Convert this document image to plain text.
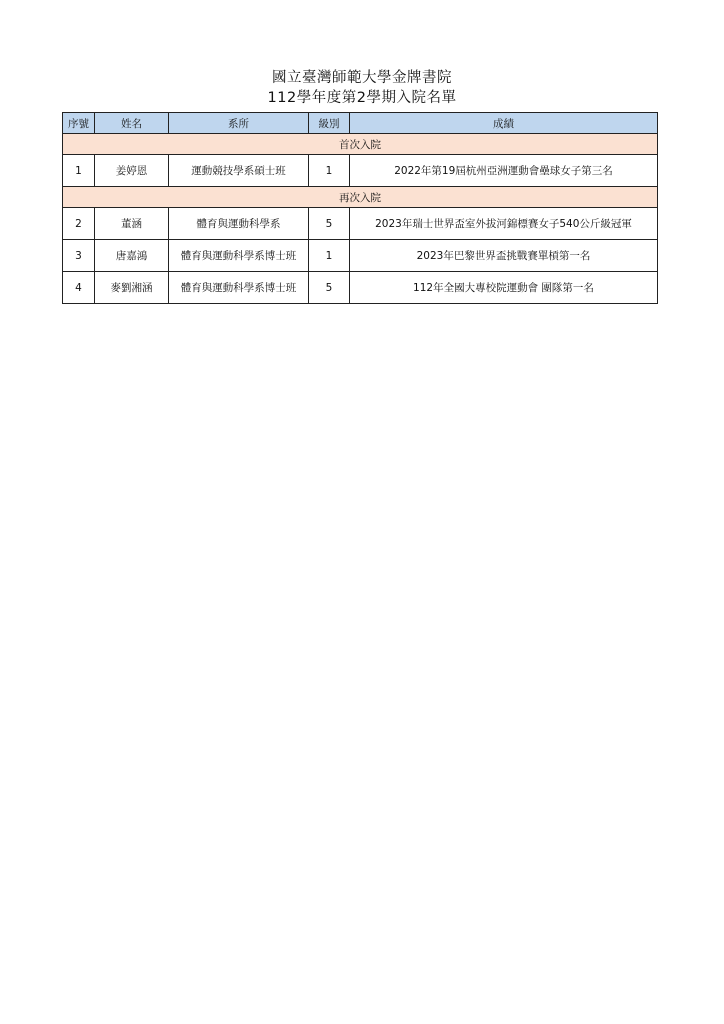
國立臺灣師範大學金牌書院
112學年度第2學期入院名單
序號	姓名	系所	級別	成績
首次入院				
1	姜婷恩	運動競技學系碩士班	1	2022年第19屆杭州亞洲運動會壘球女子第三名
再次入院				
2	董涵	體育與運動科學系	5	2023年瑞士世界盃室外拔河錦標賽女子540公斤級冠軍
3	唐嘉鴻	體育與運動科學系博士班	1	2023年巴黎世界盃挑戰賽單槓第一名
4	麥劉湘涵	體育與運動科學系博士班	5	112年全國大專校院運動會 團隊第一名
